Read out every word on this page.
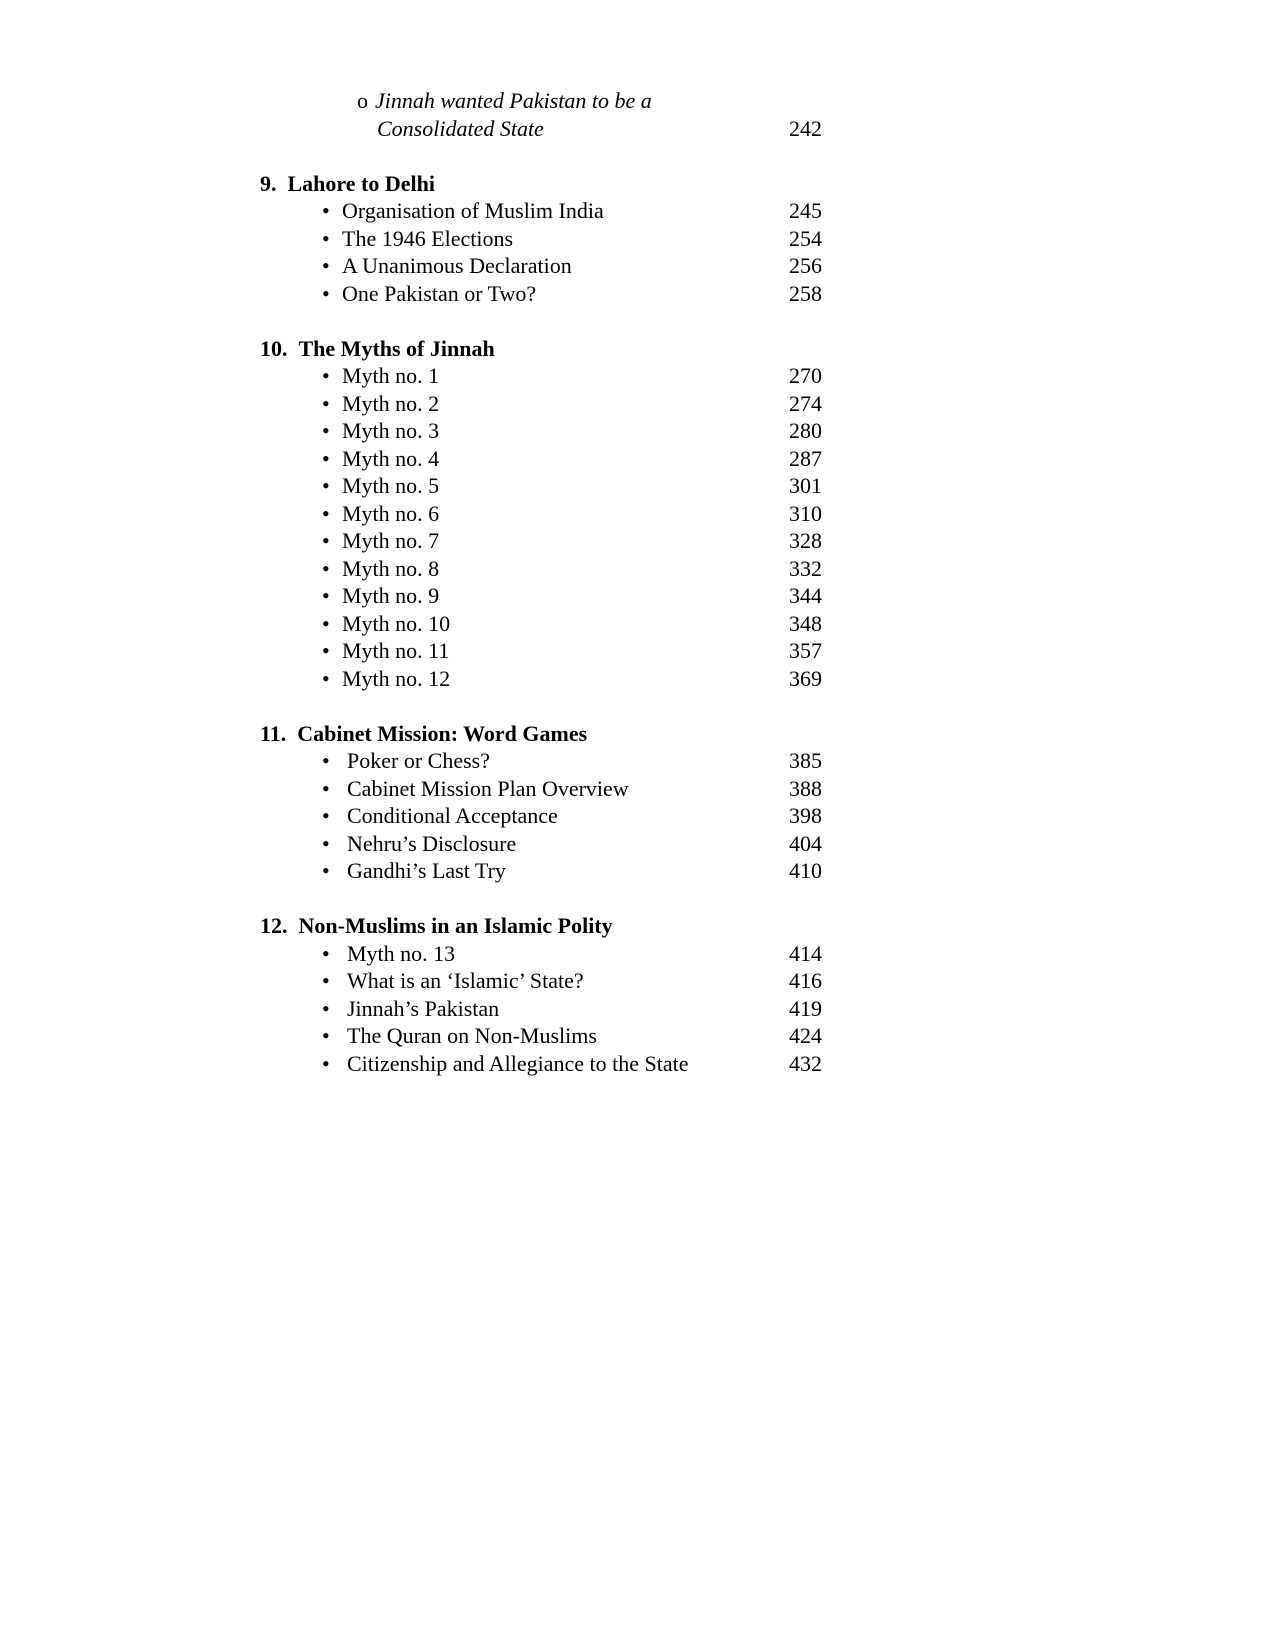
o Jinnah wanted Pakistan to be a
Consolidated State	242
9. Lahore to Delhi
• Organisation of Muslim India	245
• The 1946 Elections	254
• A Unanimous Declaration	256
• One Pakistan or Two?	258
10. The Myths of Jinnah
• Myth no. 1	270
• Myth no. 2	274
• Myth no. 3	280
• Myth no. 4	287
• Myth no. 5	301
• Myth no. 6	310
• Myth no. 7	328
• Myth no. 8	332
• Myth no. 9	344
• Myth no. 10	348
• Myth no. 11	357
• Myth no. 12	369
11. Cabinet Mission: Word Games
• Poker or Chess?	385
• Cabinet Mission Plan Overview	388
• Conditional Acceptance	398
• Nehru’s Disclosure	404
• Gandhi’s Last Try	410
12. Non-Muslims in an Islamic Polity
• Myth no. 13	414
• What is an ‘Islamic’ State?	416
• Jinnah’s Pakistan	419
• The Quran on Non-Muslims	424
• Citizenship and Allegiance to the State	432
